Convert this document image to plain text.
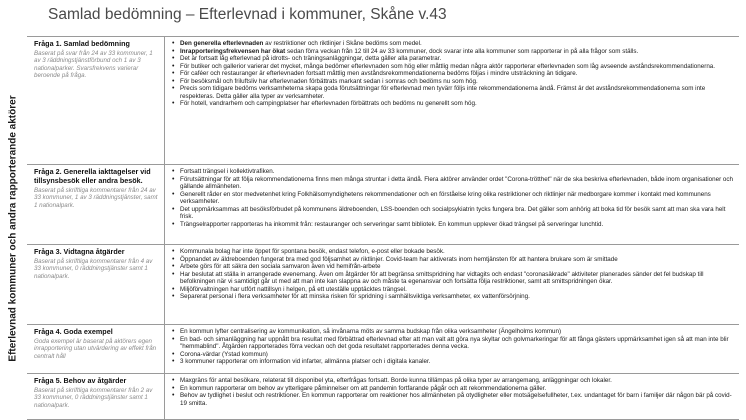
Samlad bedömning – Efterlevnad i kommuner, Skåne v.43
Efterlevnad kommuner och andra rapporterande aktörer
Fråga 1. Samlad bedömning
Baserat på svar från 24 av 33 kommuner, 1 av 3 räddningstjänstförbund och 1 av 3 nationalparker. Svarsfrekvens varierar beroende på fråga.
• Den generella efterlevnaden av restriktioner och riktlinjer i Skåne bedöms som medel.
• Inrapporteringsfrekvensen har ökat sedan förra veckan från 12 till 24 av 33 kommuner, dock svarar inte alla kommuner som rapporterar in på alla frågor som ställs.
• Det är fortsatt låg efterlevnad på idrotts- och träningsanläggningar, detta gäller alla parametrar.
• För butiker och gallerior varierar det mycket, många bedömer efterlevnaden som hög eller måttlig medan några aktör rapporterar efterlevnaden som låg avseende avståndsrekommendationerna.
• För caféer och restauranger är efterlevnaden fortsatt måttlig men avståndsrekommendationerna bedöms följas i mindre utsträckning än tidigare.
• För besöksmål och friluftsliv har efterlevnaden förbättrats markant sedan i somras och bedöms nu som hög.
• Precis som tidigare bedöms verksamheterna skapa goda förutsättningar för efterlevnad men tyvärr följs inte rekommendationerna ändå. Främst är det avståndsrekommendationerna som inte respekteras. Detta gäller alla typer av verksamheter.
• För hotell, vandrarhem och campingplatser har efterlevnaden förbättrats och bedöms nu generellt som hög.
Fråga 2. Generella iakttagelser vid tillsynsbesök eller andra besök.
Baserat på skriftliga kommentarer från 24 av 33 kommuner, 1 av 3 räddningstjänster, samt 1 nationalpark.
• Fortsatt trängsel i kollektivtrafiken.
• Förutsättningar för att följa rekommendationerna finns men många struntar i detta ändå. Flera aktörer använder ordet "Corona-trötthet" när de ska beskriva efterlevnaden, både inom organisationer och gällande allmänheten.
• Generellt råder en stor medvetenhet kring Folkhälsomyndighetens rekommendationer och en förståelse kring olika restriktioner och riktlinjer när medborgare kommer i kontakt med kommunens verksamheter.
• Det uppmärksammas att besöksförbudet på kommunens äldreboenden, LSS-boenden och socialpsykiatrin tycks fungera bra. Det gäller som anhörig att boka tid för besök samt att man ska vara helt frisk.
• Trängselrapporter rapporteras ha inkommit från: restauranger och serveringar samt bibliotek. En kommun upplever ökad trängsel på serveringar lunchtid.
Fråga 3. Vidtagna åtgärder
Baserat på skriftliga kommentarer från 4 av 33 kommuner, 0 räddningstjänster samt 1 nationalpark.
• Kommunala bolag har inte öppet för spontana besök, endast telefon, e-post eller bokade besök.
• Öppnandet av äldreboenden fungerat bra med god följsamhet av riktlinjer. Covid-team har aktiverats inom hemtjänsten för att hantera brukare som är smittade
• Arbete görs för att säkra den sociala samvaron även vid hemifrån-arbete
• Har beslutat att ställa in arrangerade evenemang. Även om åtgärder för att begränsa smittspridning har vidtagits och endast "coronasäkrade" aktiviteter planerades sänder det fel budskap till befolkningen när vi samtidigt går ut med att man inte kan slappna av och måste ta egenansvar och fortsätta följa restriktioner, samt att smittspridningen ökar.
• Miljöförvaltningen har utfört nattillsyn i helgen, på ett uteställe upptäcktes trängsel.
• Separerat personal i flera verksamheter för att minska risken för spridning i samhällsviktiga verksamheter, ex vattenförsörjning.
Fråga 4. Goda exempel
Goda exempel är baserat på aktörers egen inrapportering utan utvärdering av effekt från centralt håll
• En kommun lyfter centralisering av kommunikation, så invånarna möts av samma budskap från olika verksamheter (Ängelholms kommun)
• En bad- och simanläggning har uppnått bra resultat med förbättrad efterlevnad efter att man valt att göra nya skyltar och golvmarkeringar för att fånga gästers uppmärksamhet igen så att man inte blir "hemmablind". Åtgärden rapporterades förra veckan och det goda resultatet rapporterades denna vecka.
• Corona-värdar (Ystad kommun)
• 3 kommuner rapporterar om information vid infarter, allmänna platser och i digitala kanaler.
Fråga 5. Behov av åtgärder
Baserat på skriftliga kommentarer från 2 av 33 kommuner, 0 räddningstjänster samt 1 nationalpark.
• Maxgräns för antal besökare, relaterat till disponibel yta, efterfrågas fortsatt. Borde kunna tillämpas på olika typer av arrangemang, anläggningar och lokaler.
• En kommun rapporterar om behov av ytterligare påminnelser om att pandemin fortfarande pågår och att rekommendationerna gäller.
• Behov av tydlighet i beslut och restriktioner. En kommun rapporterar om reaktioner hos allmänheten på otydligheter eller motsägelsefullheter, t.ex. undantaget för barn i familjer där någon bär på covid-19 smitta.
